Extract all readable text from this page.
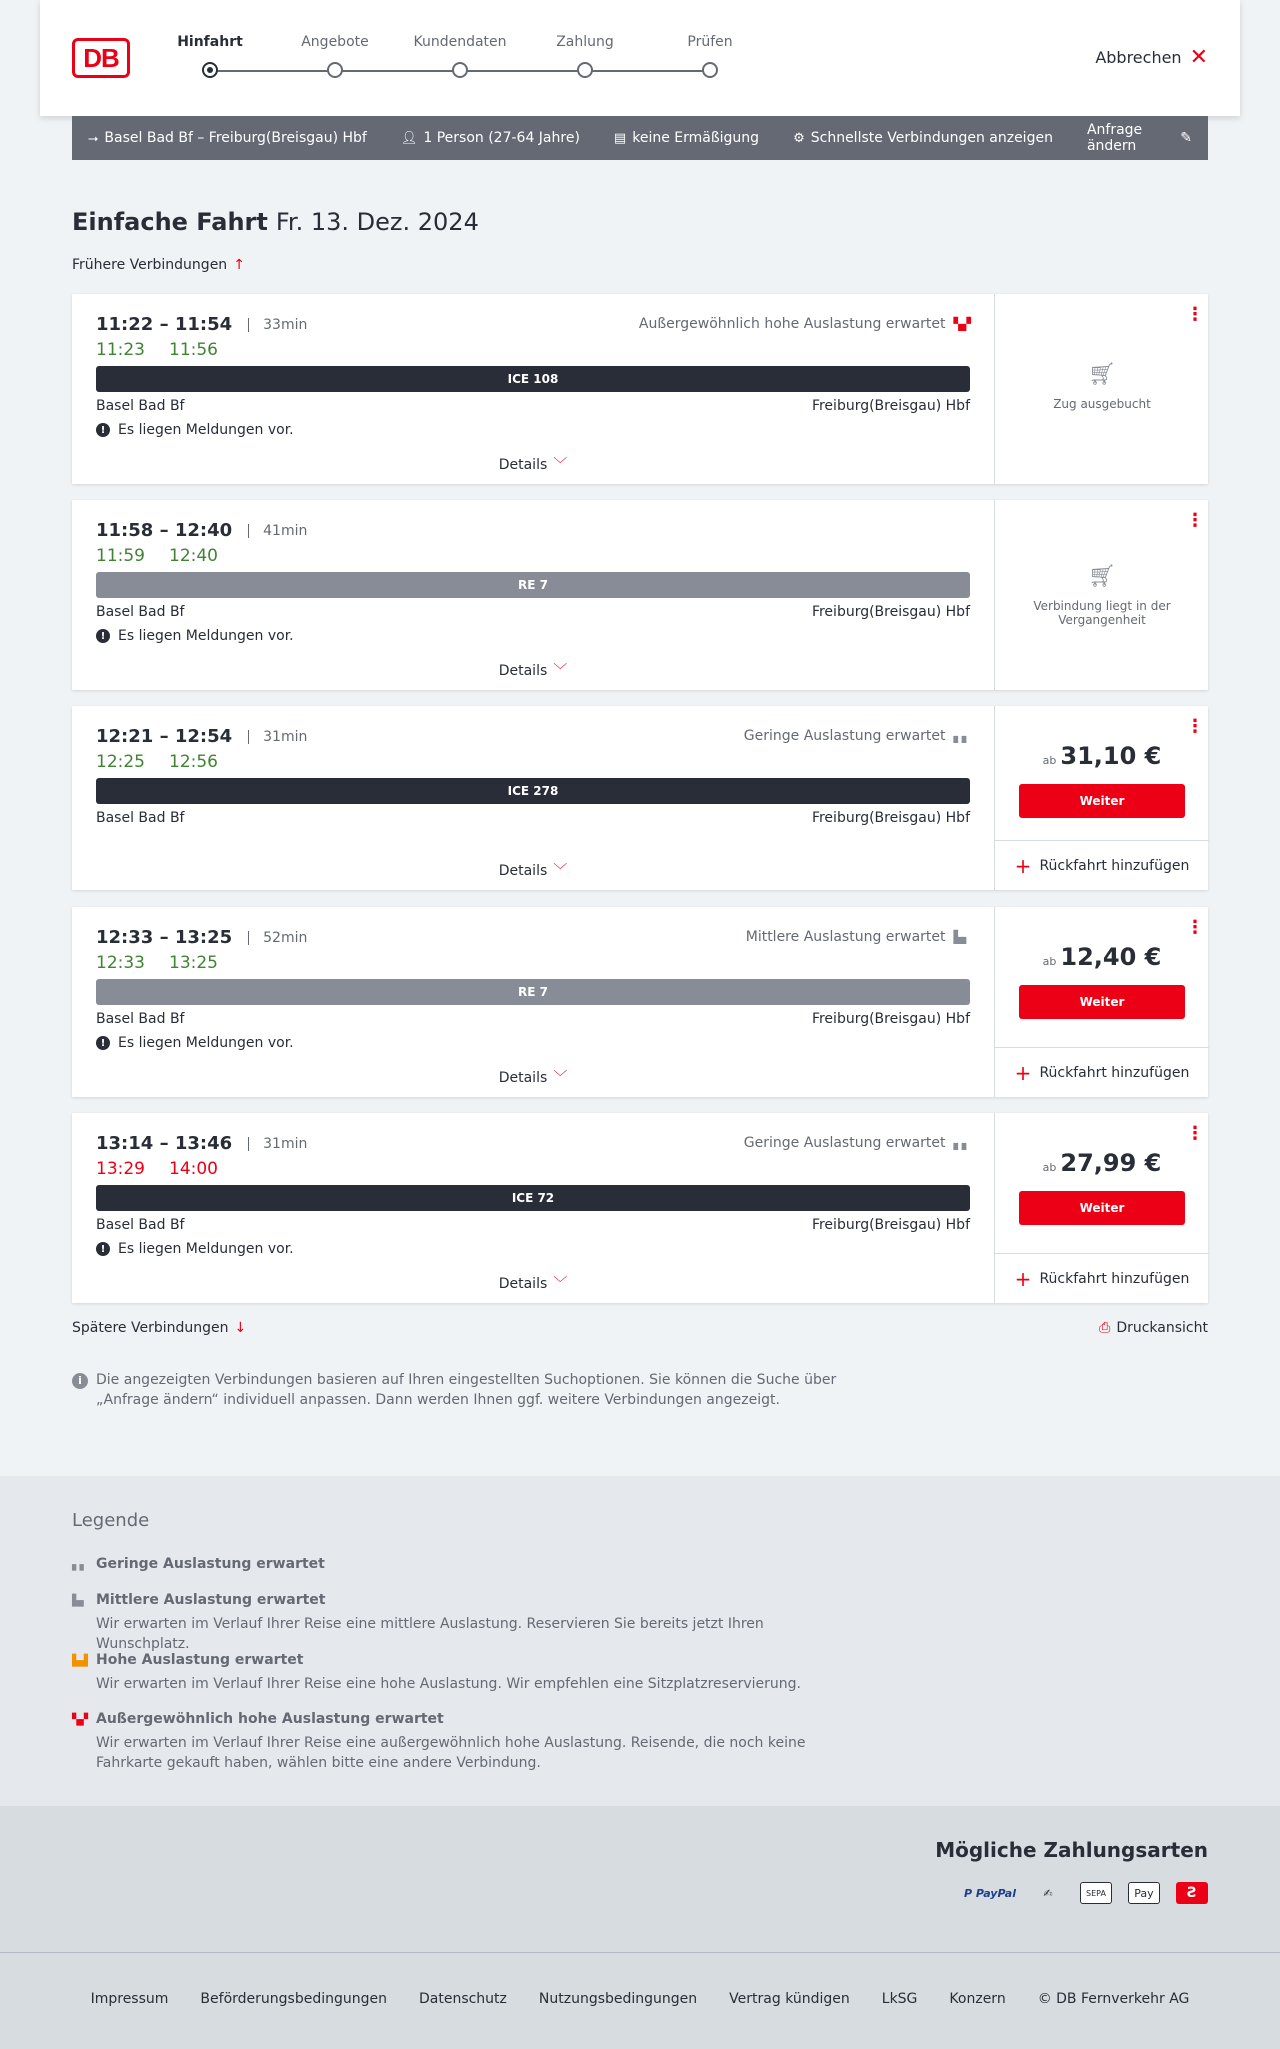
DB
Hinfahrt	Angebote	Kundendaten	Zahlung	Prüfen
Abbrechen ✕
⭢ Basel Bad Bf – Freiburg(Breisgau) Hbf	👤︎ 1 Person (27-64 Jahre)	▤ keine Ermäßigung	⚙ Schnellste Verbindungen anzeigen Anfrage ändern	✎
Einfache Fahrt Fr. 13. Dez. 2024
Frühere Verbindungen ↑
11:22 – 11:54	33min
11:23 11:56
Außergewöhnlich hohe Auslastung erwartet ▚▞
ICE 108
Basel Bad Bf	Freiburg(Breisgau) Hbf
! Es liegen Meldungen vor.
Details ﹀
⋮
🛒︎
Zug ausgebucht
11:58 – 12:40	41min
11:59 12:40
RE 7
Basel Bad Bf	Freiburg(Breisgau) Hbf
! Es liegen Meldungen vor.
Details ﹀
⋮
🛒︎
Verbindung liegt in der Vergangenheit
12:21 – 12:54	31min
12:25 12:56
Geringe Auslastung erwartet ▖▖
ICE 278
Basel Bad Bf	Freiburg(Breisgau) Hbf
Details ﹀
⋮
ab 31,10 €
Weiter
+ Rückfahrt hinzufügen
12:33 – 13:25	52min
12:33 13:25
Mittlere Auslastung erwartet ▙▖
RE 7
Basel Bad Bf	Freiburg(Breisgau) Hbf
! Es liegen Meldungen vor.
Details ﹀
⋮
ab 12,40 €
Weiter
+ Rückfahrt hinzufügen
13:14 – 13:46	31min
13:29 14:00
Geringe Auslastung erwartet ▖▖
ICE 72
Basel Bad Bf	Freiburg(Breisgau) Hbf
! Es liegen Meldungen vor.
Details ﹀
⋮
ab 27,99 €
Weiter
+ Rückfahrt hinzufügen
Spätere Verbindungen ↓	⎙ Druckansicht
i	Die angezeigten Verbindungen basieren auf Ihren eingestellten Suchoptionen. Sie können die Suche über „Anfrage ändern“ individuell anpassen. Dann werden Ihnen ggf. weitere Verbindungen angezeigt.
Legende
▖▖ Geringe Auslastung erwartet
▙▖ Mittlere Auslastung erwartet
Wir erwarten im Verlauf Ihrer Reise eine mittlere Auslastung. Reservieren Sie bereits jetzt Ihren Wunschplatz.
▙▟ Hohe Auslastung erwartet
Wir erwarten im Verlauf Ihrer Reise eine hohe Auslastung. Wir empfehlen eine Sitzplatzreservierung.
▚▞ Außergewöhnlich hohe Auslastung erwartet
Wir erwarten im Verlauf Ihrer Reise eine außergewöhnlich hohe Auslastung. Reisende, die noch keine Fahrkarte gekauft haben, wählen bitte eine andere Verbindung.
Mögliche Zahlungsarten
P PayPal	✍	SEPA	Pay	Ƨ
Impressum Beförderungsbedingungen Datenschutz Nutzungsbedingungen Vertrag kündigen LkSG Konzern © DB Fernverkehr AG
